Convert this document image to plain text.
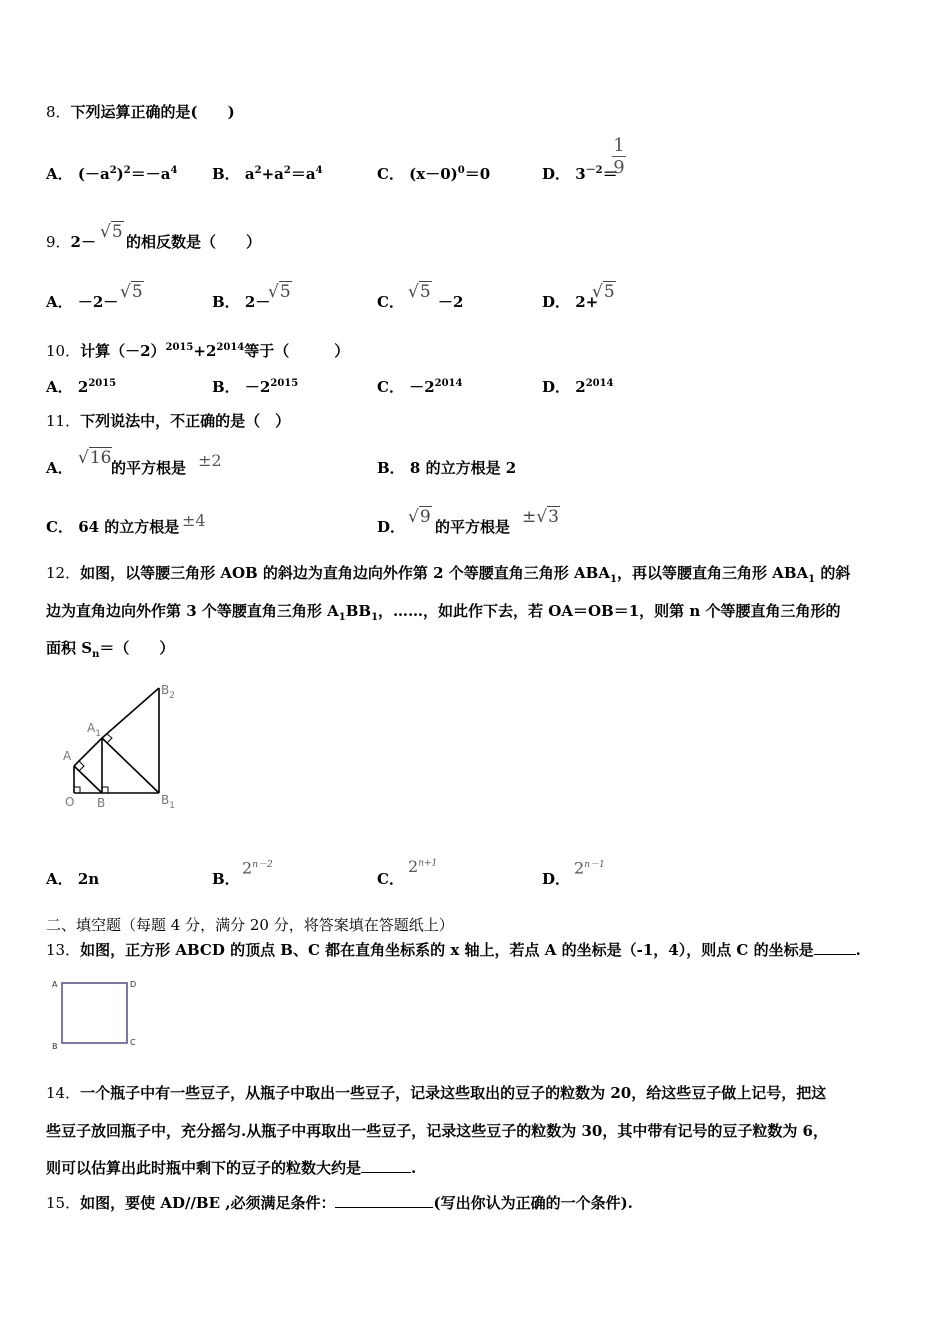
8．下列运算正确的是(　　)
A． $(-a^2)^2=-a^4$ B． $a^2+a^2=a^4$	C． $(x-0)^0=0$	D． $3^{-2}=$
1
9
9．2－ √5 的相反数是（　　）
A． －2－ √5	B． 2－
√5	C． √5 －2	D． 2+
√5
10．计算$(-2)^{2015}+2^{2014}$等于（　　　）
A． $2^{2015}$	B． $-2^{2015}$	C． $-2^{2014}$	D． $2^{2014}$
11．下列说法中，不正确的是（　）
A． √16 的平方根是 ±2	B． 8 的立方根是 2
C． 64 的立方根是 ±4	D． √9 的平方根是 ±√3
12．如图，以等腰三角形 AOB 的斜边为直角边向外作第 2 个等腰直角三角形 $ABA_1$，再以等腰直角三角形 $ABA_1$ 的斜
边为直角边向外作第 3 个等腰直角三角形 $A_1BB_1$，……，如此作下去，若 OA＝OB＝1，则第 n 个等腰直角三角形的
面积 $S_n=$（　　）
$B_2$
$A_1$
A
O B	$B_1$
A． 2n	B．
$2^{n-2}$
C．
$2^{n+1}$
D．
$2^{n-1}$
二、填空题（每题 4 分，满分 20 分，将答案填在答题纸上）
13．如图，正方形 ABCD 的顶点 B、C 都在直角坐标系的 x 轴上，若点 A 的坐标是（-1，4），则点 C 的坐标是	.
A	D
B	C
14．一个瓶子中有一些豆子，从瓶子中取出一些豆子，记录这些取出的豆子的粒数为 20，给这些豆子做上记号，把这
些豆子放回瓶子中，充分摇匀.从瓶子中再取出一些豆子，记录这些豆子的粒数为 30，其中带有记号的豆子粒数为 6，
则可以估算出此时瓶中剩下的豆子的粒数大约是	.
15．如图，要使 AD//BE ,必须满足条件：	(写出你认为正确的一个条件).
